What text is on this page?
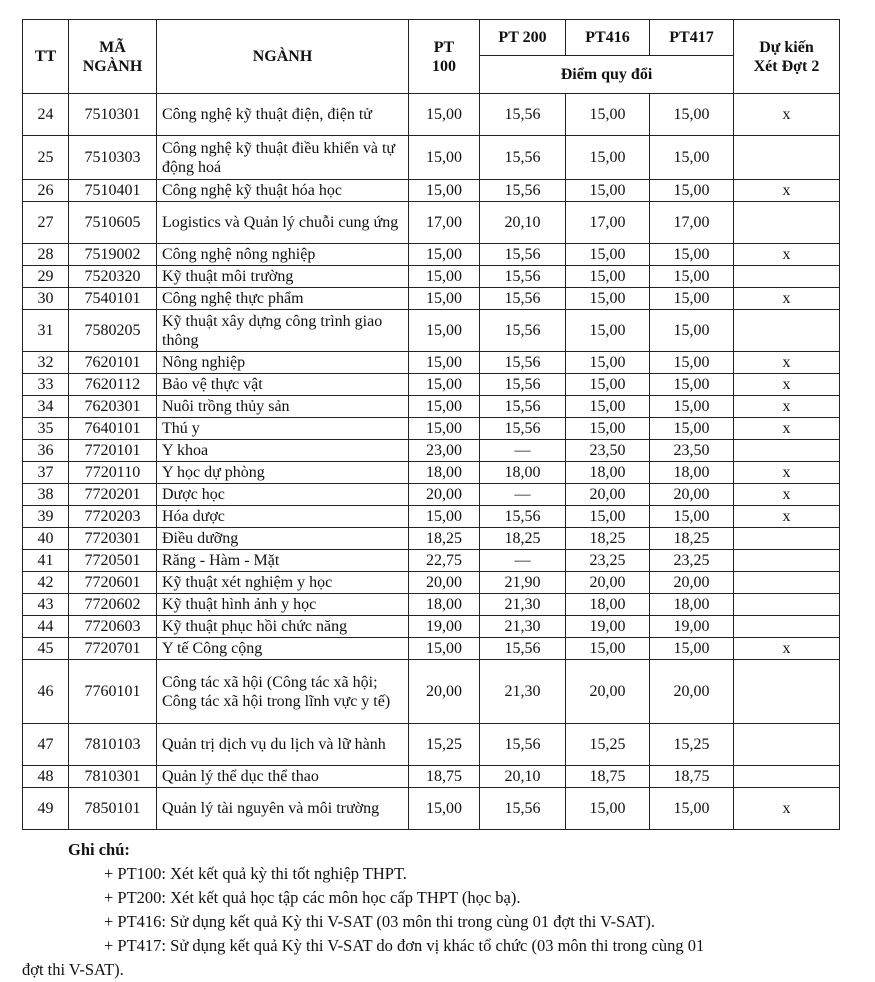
TT	MÃ NGÀNH	NGÀNH	PT 100	PT 200	PT416	PT417	Dự kiến Xét Đợt 2
				Điểm quy đổi			
24	7510301	Công nghệ kỹ thuật điện, điện tử	15,00	15,56	15,00	15,00	x
25	7510303	Công nghệ kỹ thuật điều khiển và tự động hoá	15,00	15,56	15,00	15,00	
26	7510401	Công nghệ kỹ thuật hóa học	15,00	15,56	15,00	15,00	x
27	7510605	Logistics và Quản lý chuỗi cung ứng	17,00	20,10	17,00	17,00	
28	7519002	Công nghệ nông nghiệp	15,00	15,56	15,00	15,00	x
29	7520320	Kỹ thuật môi trường	15,00	15,56	15,00	15,00	
30	7540101	Công nghệ thực phẩm	15,00	15,56	15,00	15,00	x
31	7580205	Kỹ thuật xây dựng công trình giao thông	15,00	15,56	15,00	15,00	
32	7620101	Nông nghiệp	15,00	15,56	15,00	15,00	x
33	7620112	Bảo vệ thực vật	15,00	15,56	15,00	15,00	x
34	7620301	Nuôi trồng thủy sản	15,00	15,56	15,00	15,00	x
35	7640101	Thú y	15,00	15,56	15,00	15,00	x
36	7720101	Y khoa	23,00	—	23,50	23,50	
37	7720110	Y học dự phòng	18,00	18,00	18,00	18,00	x
38	7720201	Dược học	20,00	—	20,00	20,00	x
39	7720203	Hóa dược	15,00	15,56	15,00	15,00	x
40	7720301	Điều dưỡng	18,25	18,25	18,25	18,25	
41	7720501	Răng - Hàm - Mặt	22,75	—	23,25	23,25	
42	7720601	Kỹ thuật xét nghiệm y học	20,00	21,90	20,00	20,00	
43	7720602	Kỹ thuật hình ảnh y học	18,00	21,30	18,00	18,00	
44	7720603	Kỹ thuật phục hồi chức năng	19,00	21,30	19,00	19,00	
45	7720701	Y tế Công cộng	15,00	15,56	15,00	15,00	x
46	7760101	Công tác xã hội (Công tác xã hội; Công tác xã hội trong lĩnh vực y tế)	20,00	21,30	20,00	20,00	
47	7810103	Quản trị dịch vụ du lịch và lữ hành	15,25	15,56	15,25	15,25	
48	7810301	Quản lý thể dục thể thao	18,75	20,10	18,75	18,75	
49	7850101	Quản lý tài nguyên và môi trường	15,00	15,56	15,00	15,00	x
Ghi chú:
+ PT100: Xét kết quả kỳ thi tốt nghiệp THPT.
+ PT200: Xét kết quả học tập các môn học cấp THPT (học bạ).
+ PT416: Sử dụng kết quả Kỳ thi V-SAT (03 môn thi trong cùng 01 đợt thi V-SAT).
+ PT417: Sử dụng kết quả Kỳ thi V-SAT do đơn vị khác tổ chức (03 môn thi trong cùng 01
đợt thi V-SAT).
